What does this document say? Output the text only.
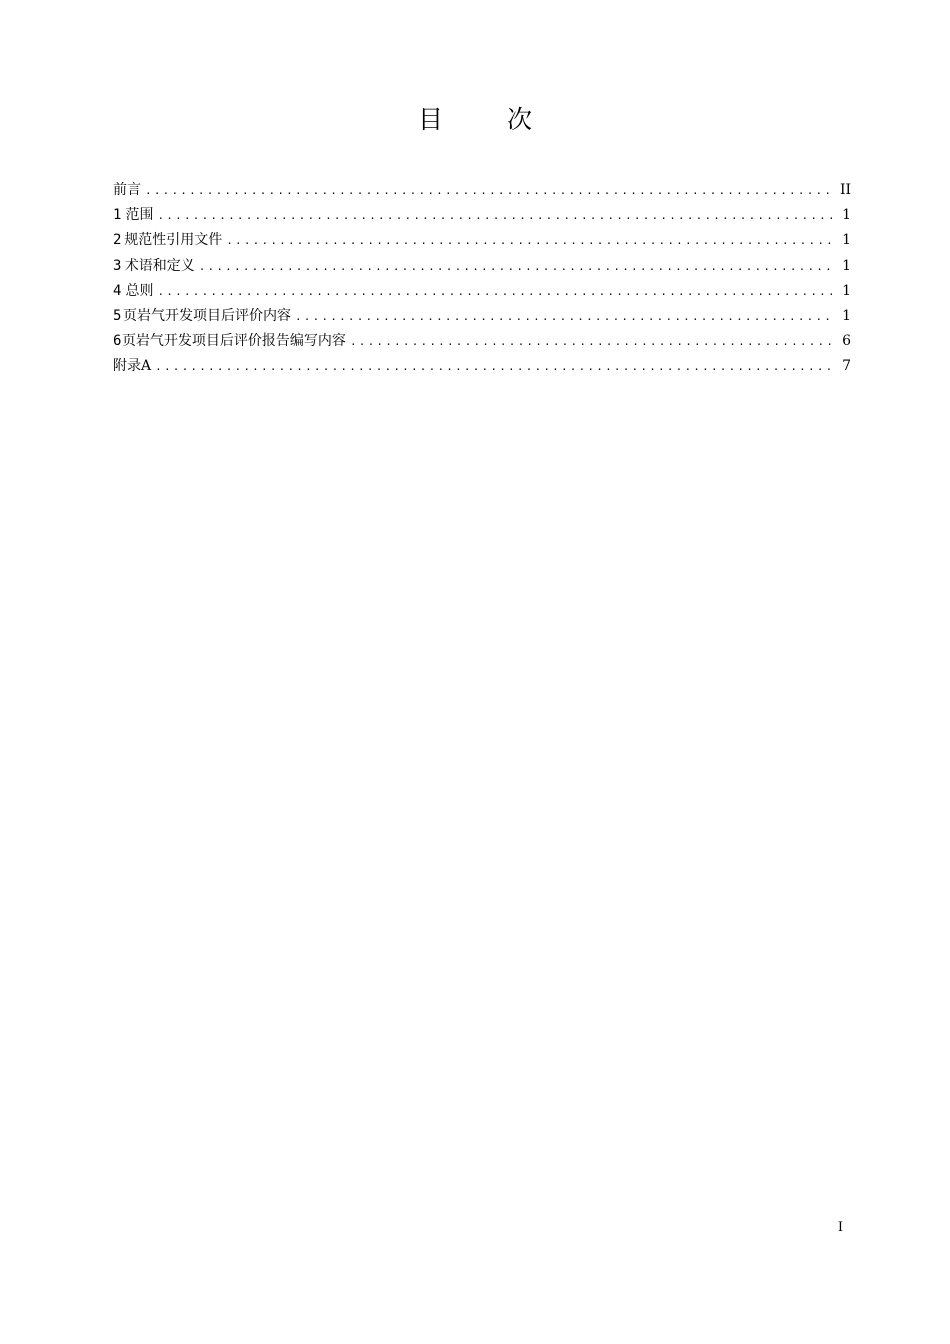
目 次
前言 .....	II
1 范围 .....	1
2 规范性引用文件 .....	1
3 术语和定义 .....	1
4 总则 .....	1
5 页岩气开发项目后评价内容 .....	1
6 页岩气开发项目后评价报告编写内容 .....	6
附录A .....	7
I
